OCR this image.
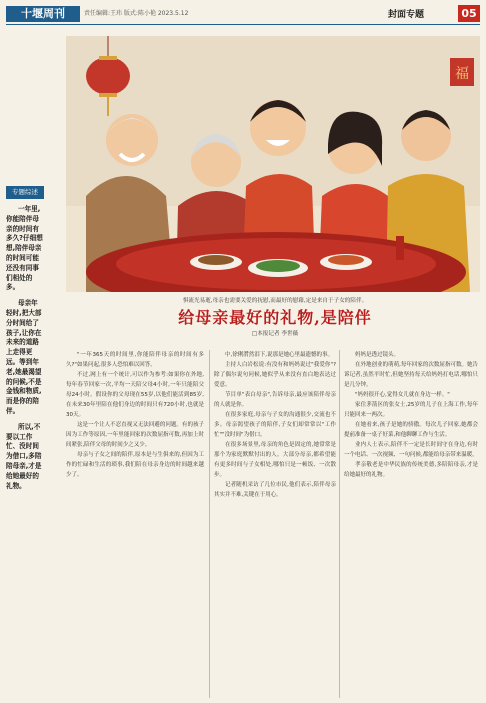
十堰周刊	责任编辑:王玮 版式:陈小艳 2023.5.12	封面专题	05
专题综述

一年里,你能陪伴母亲的时间有多久?仔细想想,陪伴母亲的时间可能还没有同事们相处的多。

母亲年轻时,把大部分时间给了孩子,让你在未来的道路上走得更远。等到年老,她最渴望的问候,不是金钱和物质,而是你的陪伴。

所以,不要以工作忙、没时间为借口,多陪陪母亲,才是给她最好的礼物。

福
惧流光易逝,母亲也需要关爱的抚慰,而最好的慰藉,定是来自于子女的陪伴。
给母亲最好的礼物,是陪伴
□本报记者 李世薇

"一年365天的时间里,你能陪伴母亲的时间有多久?"如果问起,很多人恐怕难以回答。

不过,网上有一个统计,可以作为参考:如果你在外地,每年春节回家一次,平均一天陪父母4小时,一年只能陪父母24小时。假设你的父母现在55岁,以他们能活到85岁,在未来30年里陪在他们身边的时间只有720小时,也就是30天。

这是一个让人不忍直视又无法回避的问题。有的孩子因为工作等原因,一年里能回家的次数屈指可数,再加上时间紧张,陪伴父母的时间少之又少。

母亲与子女之间的陪伴,原本是与生俱来的,但因为工作的忙碌和生活的琐事,我们陪在母亲身边的时间越来越少了。

中,徐俐潸然泪下,说那是她心里最遗憾的事。

主持人白岩松说:有没有和妈妈说过"我爱你"?除了偶尔说句问候,她似乎从来没有直白地表达过爱意。

节目单"表白母亲",告诉母亲,最应该陪伴母亲的人就是你。

在很多家庭,母亲与子女的沟通很少,交流也不多。母亲渴望孩子的陪伴,子女们却常常以"工作忙""没时间"为借口。

在很多场景里,母亲的角色是固定的,她常常是那个为家庭默默付出的人。大部分母亲,都希望能有更多时间与子女相处,哪怕只是一顿饭、一次散步。

记者随机采访了几位市民,他们表示,陪伴母亲其实并不难,关键在于用心。

妈妈是透过镜头。

在外地创业的萌萌,每年回家的次数屈指可数。她告诉记者,虽然平时忙,但她坚持每天给妈妈打电话,哪怕只是几分钟。

"妈妈很开心,觉得女儿就在身边一样。"

家住茅箭区的张女士,25岁的儿子在上海工作,每年只能回来一两次。

在她看来,孩子是她的骄傲。每次儿子回家,她都会提前准备一桌子好菜,和他聊聊工作与生活。

业内人士表示,陪伴不一定是长时间守在身边,有时一个电话、一次视频、一句问候,都能给母亲带来温暖。

孝亲敬老是中华民族的传统美德,多陪陪母亲,才是给她最好的礼物。
